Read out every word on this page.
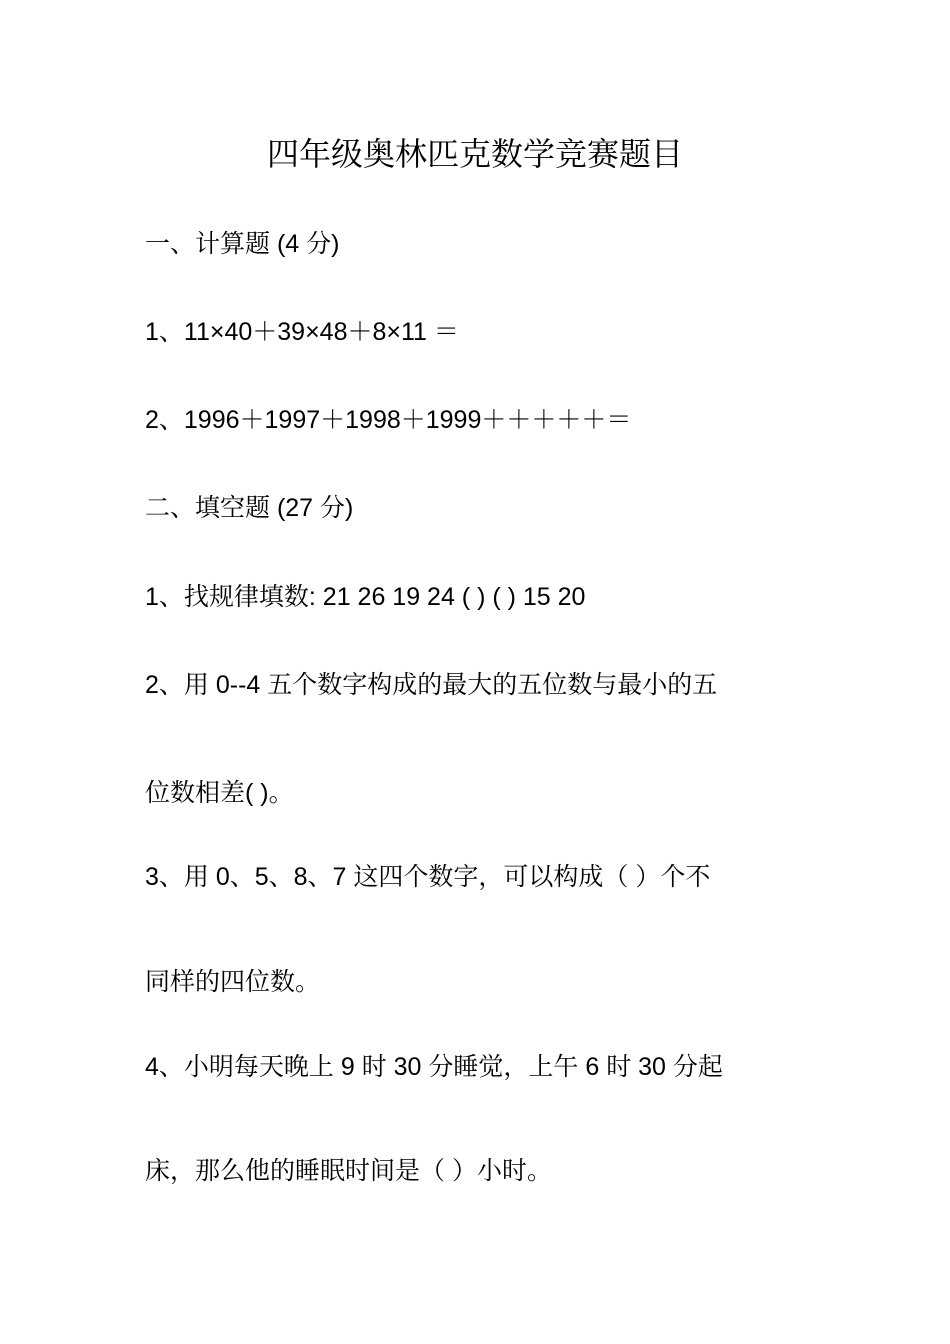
四年级奥林匹克数学竞赛题目
一、计算题 (4 分)
1、11×40＋39×48＋8×11 ＝
2、1996＋1997＋1998＋1999＋＋＋＋＋＝
二、填空题 (27 分)
1、找规律填数: 21 26 19 24 ( ) ( ) 15 20
2、用 0--4 五个数字构成的最大的五位数与最小的五
位数相差( )。
3、用 0、5、8、7 这四个数字，可以构成（ ）个不
同样的四位数。
4、小明每天晚上 9 时 30 分睡觉，上午 6 时 30 分起
床，那么他的睡眠时间是（ ）小时。
